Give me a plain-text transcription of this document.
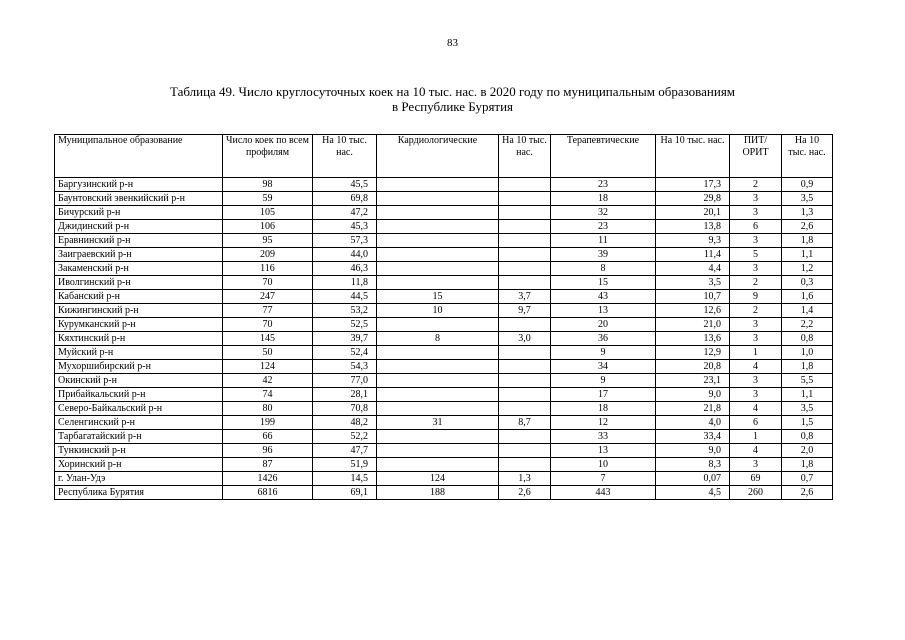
83
Таблица 49. Число круглосуточных коек на 10 тыс. нас. в 2020 году по муниципальным образованиям
в Республике Бурятия
Муниципальное образование	Число коек по всем профилям	На 10 тыс. нас.	Кардиологические	На 10 тыс. нас.	Терапевтические	На 10 тыс. нас.	ПИТ/ ОРИТ	На 10 тыс. нас.
Баргузинский р-н	98	45,5			23	17,3	2	0,9
Баунтовский эвенкийский р-н	59	69,8			18	29,8	3	3,5
Бичурский р-н	105	47,2			32	20,1	3	1,3
Джидинский р-н	106	45,3			23	13,8	6	2,6
Еравнинский р-н	95	57,3			11	9,3	3	1,8
Заиграевский р-н	209	44,0			39	11,4	5	1,1
Закаменский р-н	116	46,3			8	4,4	3	1,2
Иволгинский р-н	70	11,8			15	3,5	2	0,3
Кабанский р-н	247	44,5	15	3,7	43	10,7	9	1,6
Кижингинский р-н	77	53,2	10	9,7	13	12,6	2	1,4
Курумканский р-н	70	52,5			20	21,0	3	2,2
Кяхтинский р-н	145	39,7	8	3,0	36	13,6	3	0,8
Муйский р-н	50	52,4			9	12,9	1	1,0
Мухоршибирский р-н	124	54,3			34	20,8	4	1,8
Окинский р-н	42	77,0			9	23,1	3	5,5
Прибайкальский р-н	74	28,1			17	9,0	3	1,1
Северо-Байкальский р-н	80	70,8			18	21,8	4	3,5
Селенгинский р-н	199	48,2	31	8,7	12	4,0	6	1,5
Тарбагатайский р-н	66	52,2			33	33,4	1	0,8
Тункинский р-н	96	47,7			13	9,0	4	2,0
Хоринский р-н	87	51,9			10	8,3	3	1,8
г. Улан-Удэ	1426	14,5	124	1,3	7	0,07	69	0,7
Республика Бурятия	6816	69,1	188	2,6	443	4,5	260	2,6
